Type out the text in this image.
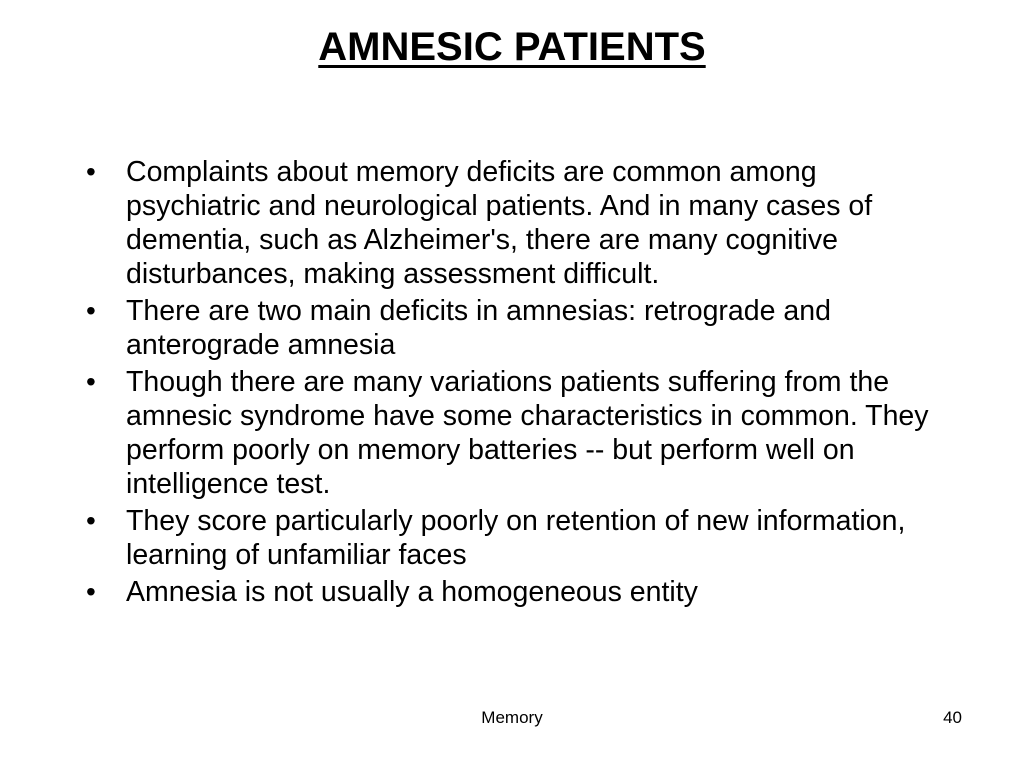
AMNESIC PATIENTS
•	Complaints about memory deficits are common among psychiatric and neurological patients. And in many cases of dementia, such as Alzheimer's, there are many cognitive disturbances, making assessment difficult.
•	There are two main deficits in amnesias: retrograde and anterograde amnesia
•	Though there are many variations patients suffering from the amnesic syndrome have some characteristics in common. They perform poorly on memory batteries -- but perform well on intelligence test.
•	They score particularly poorly on retention of new information, learning of unfamiliar faces
•	Amnesia is not usually a homogeneous entity
Memory	40
